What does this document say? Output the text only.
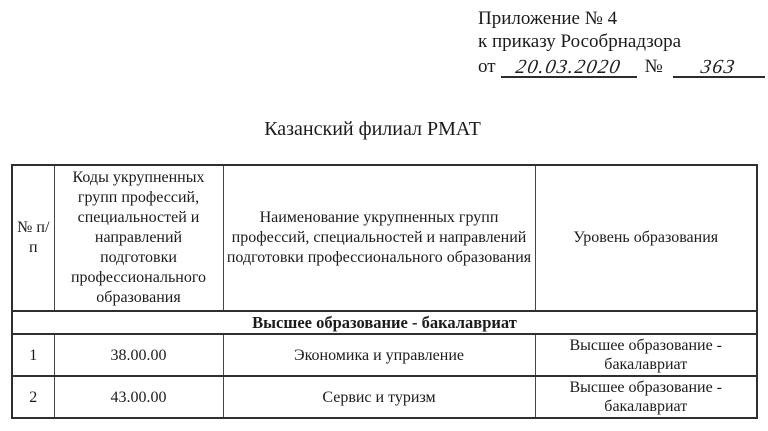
Приложение № 4
к приказу Рособрнадзора
от 20.03.2020	№	363
Казанский филиал РМАТ
№ п/п	Коды укрупненных групп профессий, специальностей и направлений подготовки профессионального образования	Наименование укрупненных групп профессий, специальностей и направлений подготовки профессионального образования	Уровень образования
Высшее образование - бакалавриат			
1	38.00.00	Экономика и управление	Высшее образование - бакалавриат
2	43.00.00	Сервис и туризм	Высшее образование - бакалавриат
